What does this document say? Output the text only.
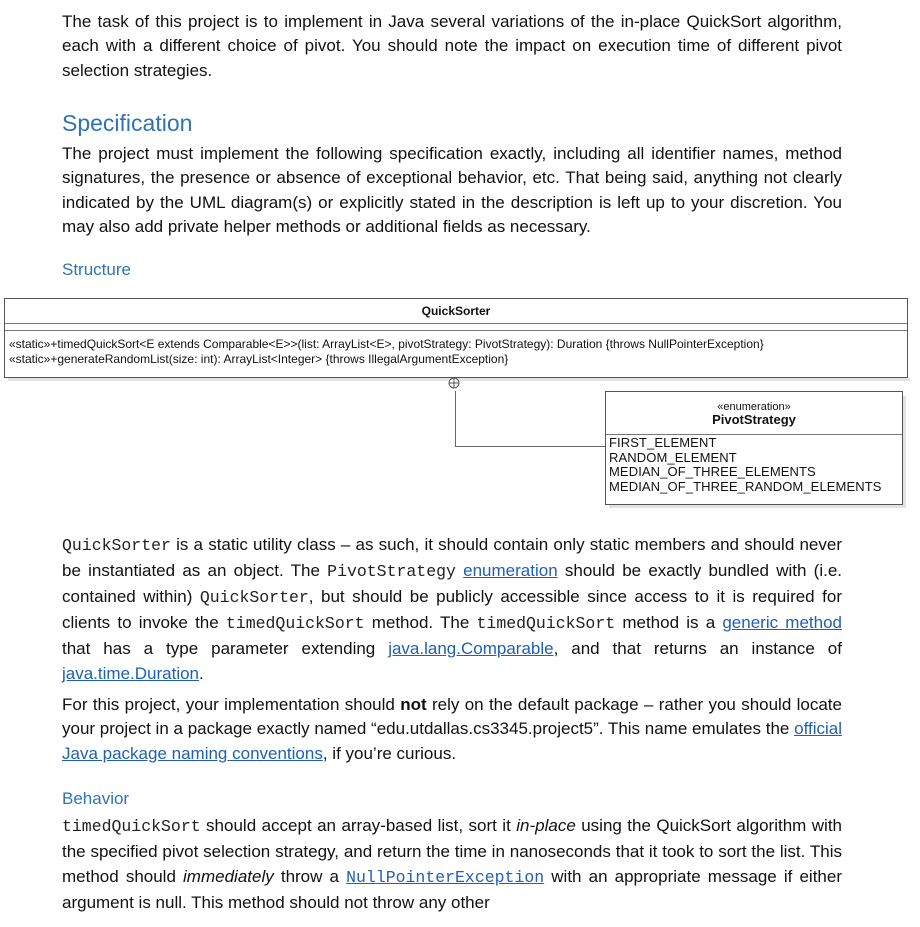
The task of this project is to implement in Java several variations of the in-place QuickSort algorithm, each with a different choice of pivot. You should note the impact on execution time of different pivot selection strategies.

Specification

The project must implement the following specification exactly, including all identifier names, method signatures, the presence or absence of exceptional behavior, etc. That being said, anything not clearly indicated by the UML diagram(s) or explicitly stated in the description is left up to your discretion. You may also add private helper methods or additional fields as necessary.

Structure
QuickSorter
«static»+timedQuickSort<E extends Comparable<E>>(list: ArrayList<E>, pivotStrategy: PivotStrategy): Duration {throws NullPointerException}
«static»+generateRandomList(size: int): ArrayList<Integer> {throws IllegalArgumentException}
«enumeration»
PivotStrategy
FIRST_ELEMENT
RANDOM_ELEMENT
MEDIAN_OF_THREE_ELEMENTS
MEDIAN_OF_THREE_RANDOM_ELEMENTS

QuickSorter is a static utility class – as such, it should contain only static members and should never be instantiated as an object. The PivotStrategy enumeration should be exactly bundled with (i.e. contained within) QuickSorter, but should be publicly accessible since access to it is required for clients to invoke the timedQuickSort method. The timedQuickSort method is a generic method that has a type parameter extending java.lang.Comparable, and that returns an instance of java.time.Duration.

For this project, your implementation should not rely on the default package – rather you should locate your project in a package exactly named “edu.utdallas.cs3345.project5”. This name emulates the official Java package naming conventions, if you’re curious.

Behavior

timedQuickSort should accept an array-based list, sort it in-place using the QuickSort algorithm with the specified pivot selection strategy, and return the time in nanoseconds that it took to sort the list. This method should immediately throw a NullPointerException with an appropriate message if either argument is null. This method should not throw any other
